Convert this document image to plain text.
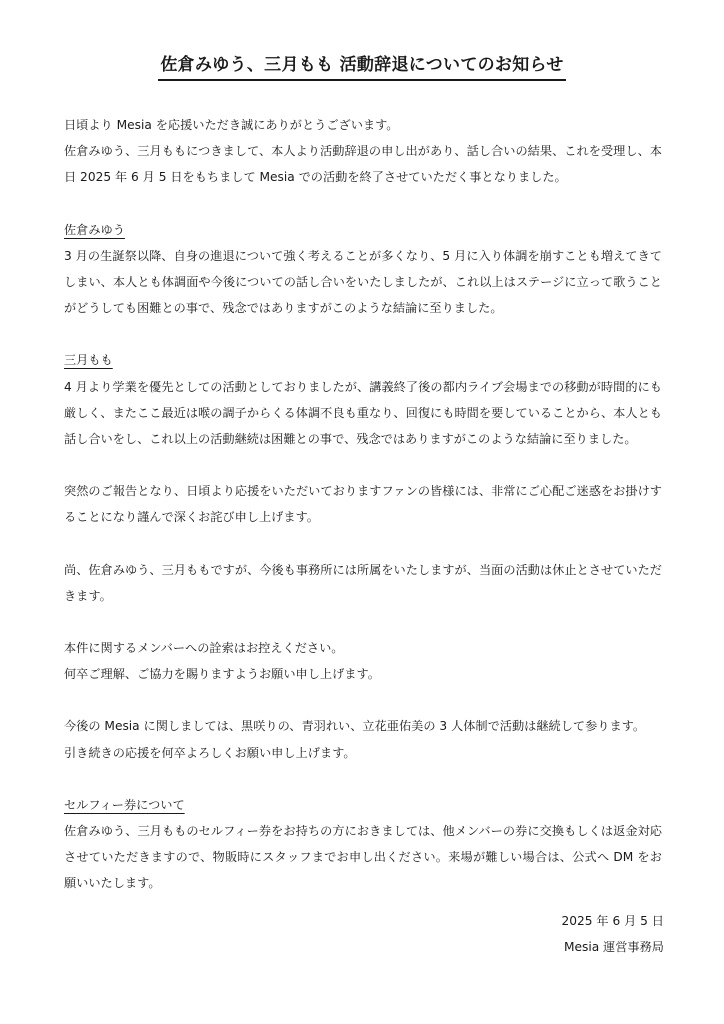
佐倉みゆう、三月もも 活動辞退についてのお知らせ

日頃より Mesia を応援いただき誠にありがとうございます。

佐倉みゆう、三月ももにつきまして、本人より活動辞退の申し出があり、話し合いの結果、これを受理し、本日 2025 年 6 月 5 日をもちまして Mesia での活動を終了させていただく事となりました。

佐倉みゆう

3 月の生誕祭以降、自身の進退について強く考えることが多くなり、5 月に入り体調を崩すことも増えてきてしまい、本人とも体調面や今後についての話し合いをいたしましたが、これ以上はステージに立って歌うことがどうしても困難との事で、残念ではありますがこのような結論に至りました。

三月もも

4 月より学業を優先としての活動としておりましたが、講義終了後の都内ライブ会場までの移動が時間的にも厳しく、またここ最近は喉の調子からくる体調不良も重なり、回復にも時間を要していることから、本人とも話し合いをし、これ以上の活動継続は困難との事で、残念ではありますがこのような結論に至りました。

突然のご報告となり、日頃より応援をいただいておりますファンの皆様には、非常にご心配ご迷惑をお掛けすることになり謹んで深くお詫び申し上げます。

尚、佐倉みゆう、三月ももですが、今後も事務所には所属をいたしますが、当面の活動は休止とさせていただきます。

本件に関するメンバーへの詮索はお控えください。

何卒ご理解、ご協力を賜りますようお願い申し上げます。

今後の Mesia に関しましては、黒咲りの、青羽れい、立花亜佑美の 3 人体制で活動は継続して参ります。

引き続きの応援を何卒よろしくお願い申し上げます。

セルフィー券について

佐倉みゆう、三月もものセルフィー券をお持ちの方におきましては、他メンバーの券に交換もしくは返金対応させていただきますので、物販時にスタッフまでお申し出ください。来場が難しい場合は、公式へ DM をお願いいたします。

2025 年 6 月 5 日
Mesia 運営事務局
